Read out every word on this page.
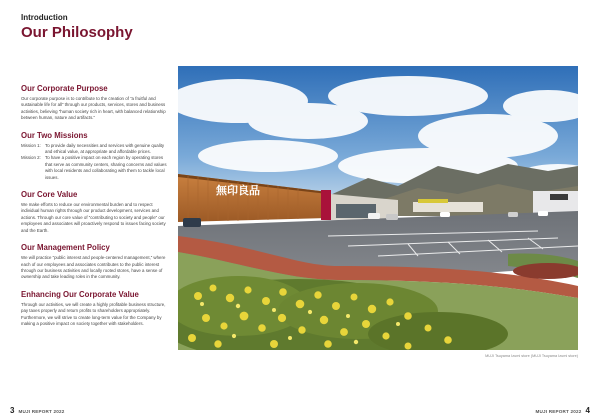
Introduction
Our Philosophy
Our Corporate Purpose

Our corporate purpose is to contribute to the creation of “a fruitful and sustainable life for all” through our products, services, stores and business activities, believing “human society rich in heart, with balanced relationship between human, nature and artifacts.”

Our Two Missions
Mission 1: To provide daily necessities and services with genuine quality and ethical value, at appropriate and affordable prices.
Mission 2: To have a positive impact on each region by operating stores that serve as community centers, sharing concerns and values with local residents and collaborating with them to tackle local issues.
Our Core Value

We make efforts to reduce our environmental burden and to respect individual human rights through our product development, services and actions. Through our core value of “contributing to society and people” our employees and associates will proactively respond to issues facing society and the Earth.

Our Management Policy

We will practice “public interest and people-centered management,” where each of our employees and associates contributes to the public interest through our business activities and locally rooted stores, have a sense of ownership and take leading roles in the community.

Enhancing Our Corporate Value

Through our activities, we will create a highly profitable business structure, pay taxes properly and return profits to shareholders appropriately. Furthermore, we will strive to create long-term value for the Company by making a positive impact on society together with stakeholders.

無印良品
MUJI Tsuyama Izumi store (MUJI Tsuyama Izumi store)
3 MUJI REPORT 2022	MUJI REPORT 2022 4
